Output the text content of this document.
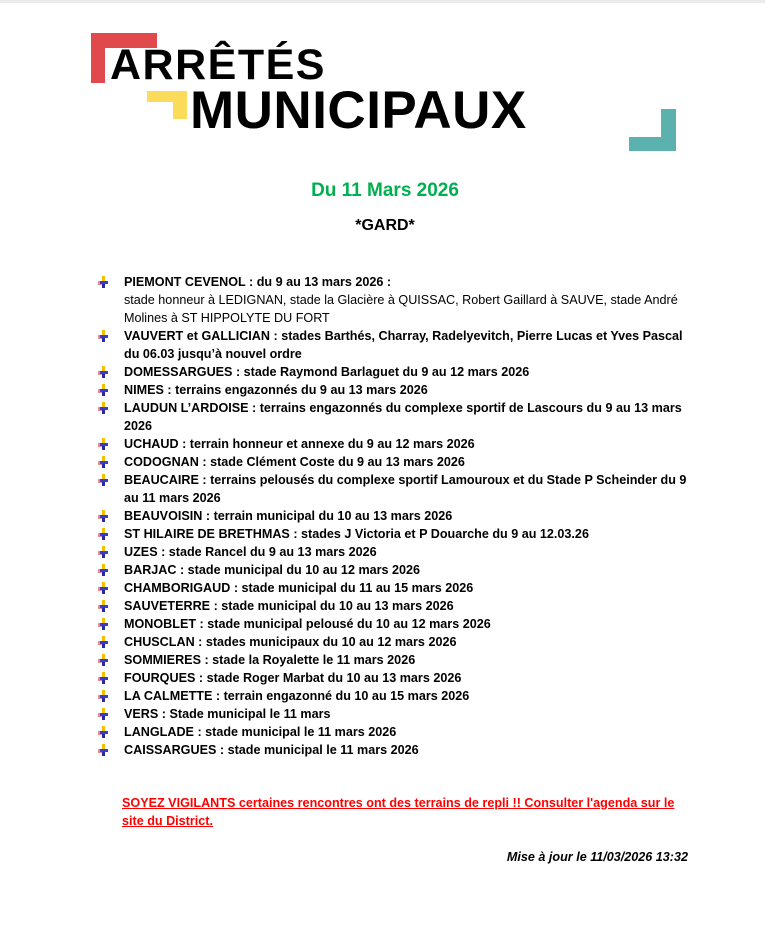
ARRÊTÉS
MUNICIPAUX
Du 11 Mars 2026
*GARD*
PIEMONT CEVENOL : du 9 au 13 mars 2026 :
stade honneur à LEDIGNAN, stade la Glacière à QUISSAC, Robert Gaillard à SAUVE, stade André Molines à ST HIPPOLYTE DU FORT
VAUVERT et GALLICIAN : stades Barthés, Charray, Radelyevitch, Pierre Lucas et Yves Pascal du 06.03 jusqu’à nouvel ordre
DOMESSARGUES : stade Raymond Barlaguet du 9 au 12 mars 2026
NIMES : terrains engazonnés du 9 au 13 mars 2026
LAUDUN L’ARDOISE : terrains engazonnés du complexe sportif de Lascours du 9 au 13 mars 2026
UCHAUD : terrain honneur et annexe du 9 au 12 mars 2026
CODOGNAN : stade Clément Coste du 9 au 13 mars 2026
BEAUCAIRE : terrains pelousés du complexe sportif Lamouroux et du Stade P Scheinder du 9 au 11 mars 2026
BEAUVOISIN : terrain municipal du 10 au 13 mars 2026
ST HILAIRE DE BRETHMAS : stades J Victoria et P Douarche du 9 au 12.03.26
UZES : stade Rancel du 9 au 13 mars 2026
BARJAC : stade municipal du 10 au 12 mars 2026
CHAMBORIGAUD : stade municipal du 11 au 15 mars 2026
SAUVETERRE : stade municipal du 10 au 13 mars 2026
MONOBLET : stade municipal pelousé du 10 au 12 mars 2026
CHUSCLAN : stades municipaux du 10 au 12 mars 2026
SOMMIERES : stade la Royalette le 11 mars 2026
FOURQUES : stade Roger Marbat du 10 au 13 mars 2026
LA CALMETTE : terrain engazonné du 10 au 15 mars 2026
VERS : Stade municipal le 11 mars
LANGLADE : stade municipal le 11 mars 2026
CAISSARGUES : stade municipal le 11 mars 2026
SOYEZ VIGILANTS certaines rencontres ont des terrains de repli !! Consulter l'agenda sur le site du District.
Mise à jour le 11/03/2026 13:32
